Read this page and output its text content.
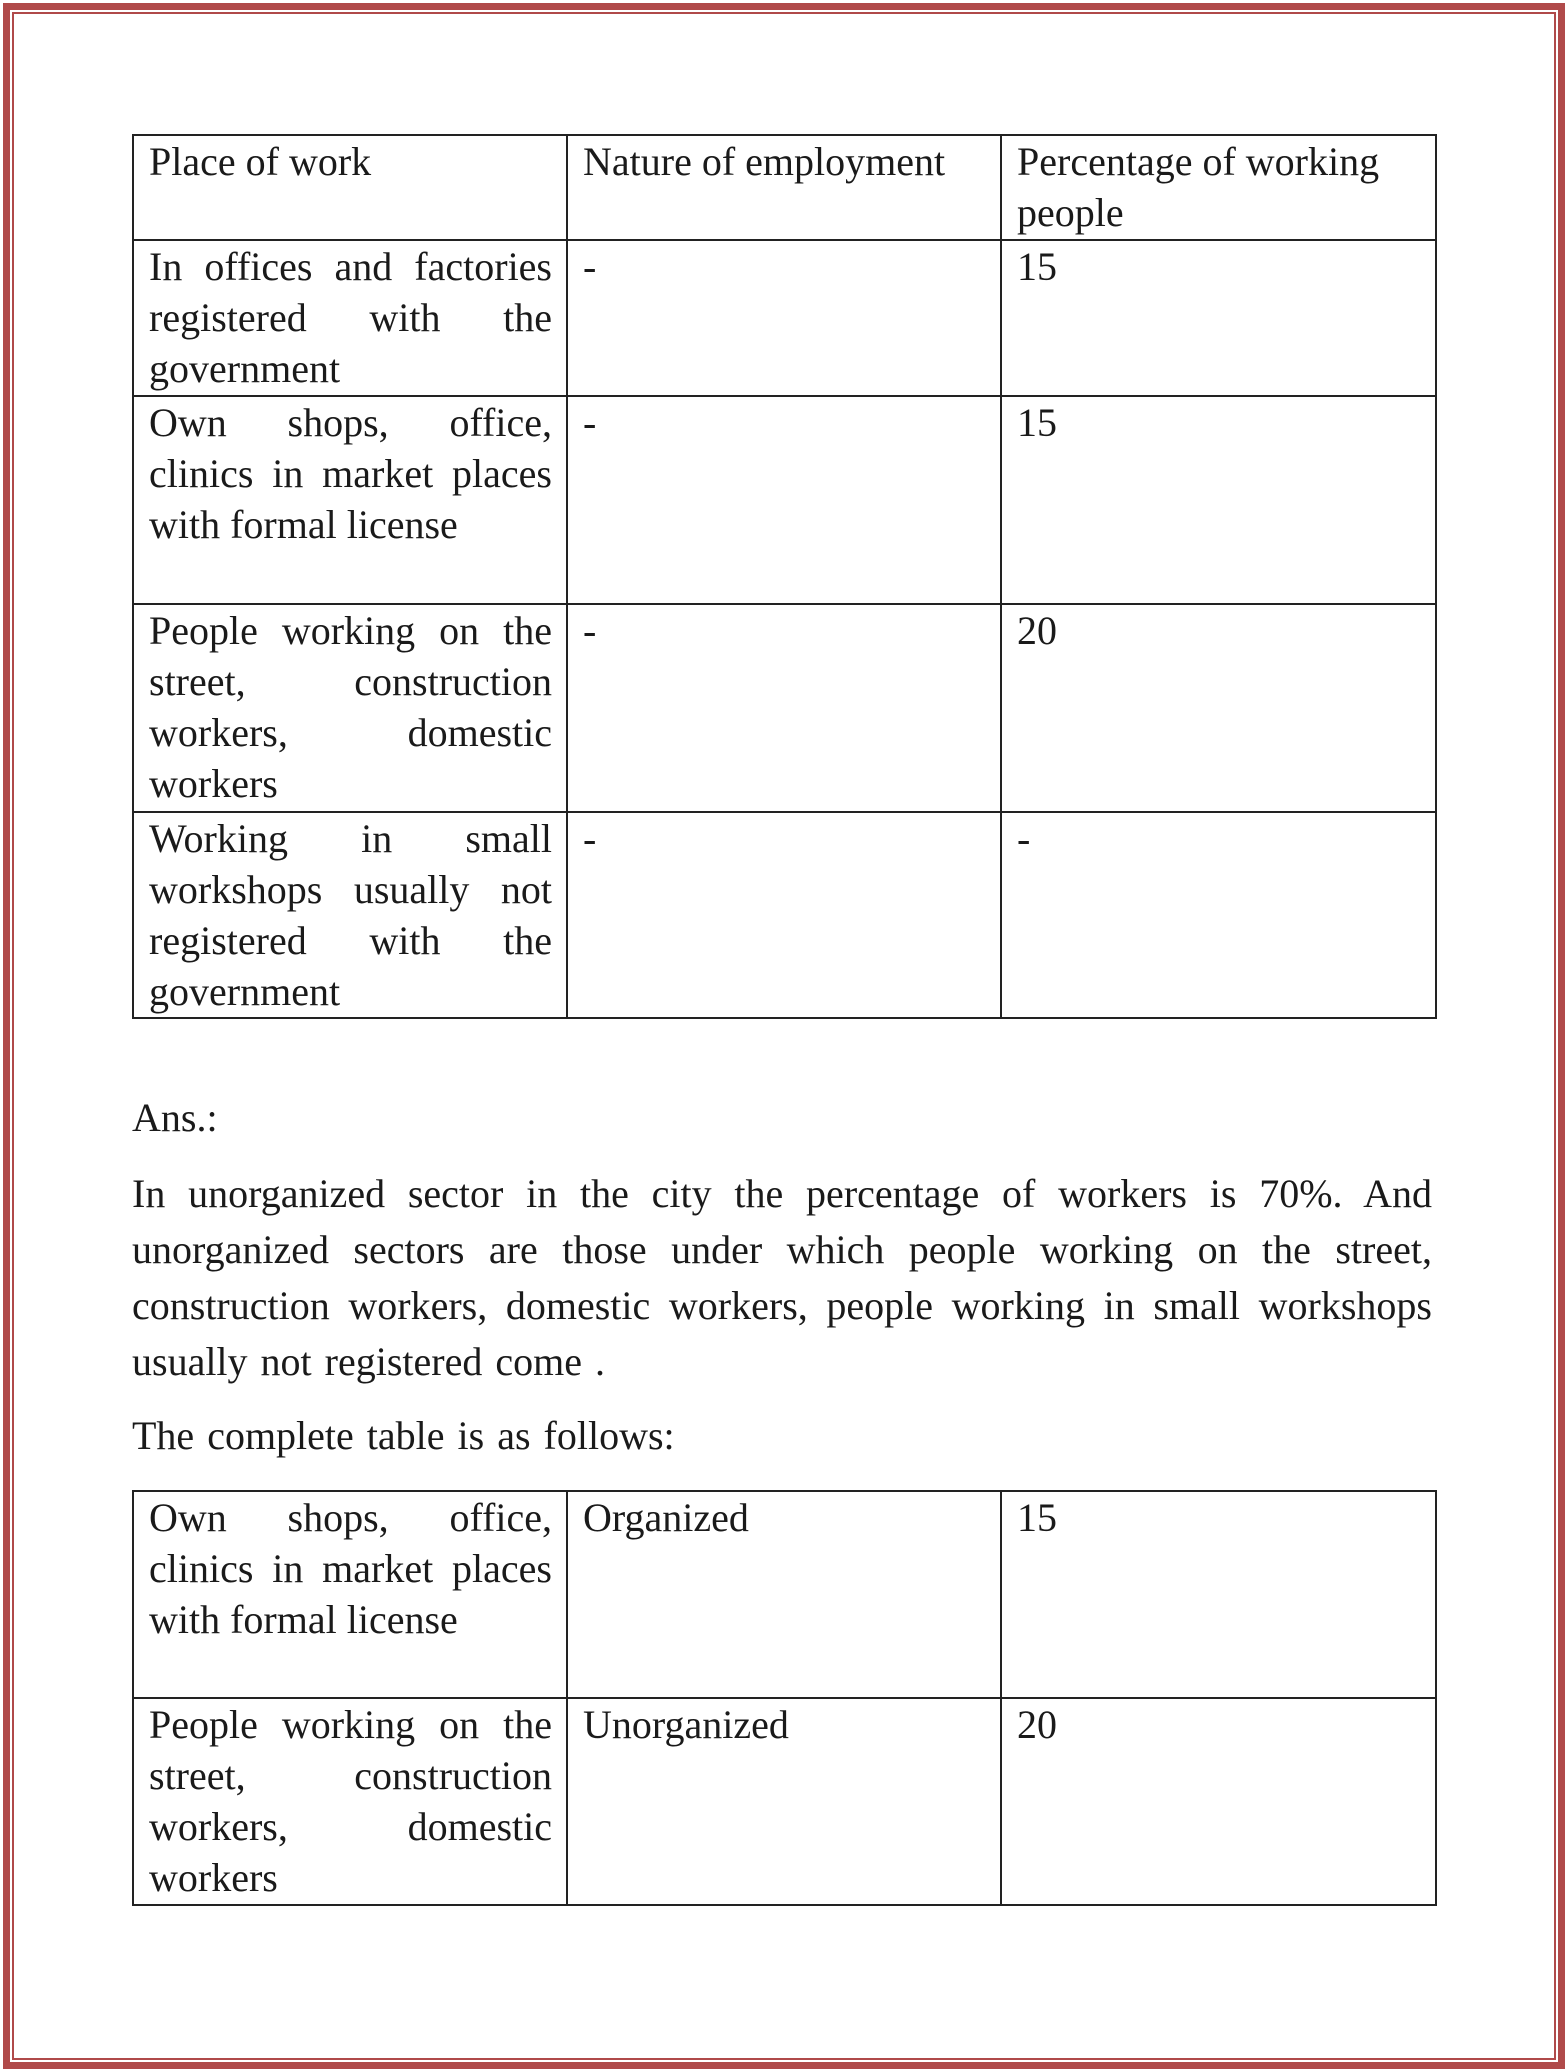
Place of work	Nature of employment	Percentage of working people
In offices and factories registered with the government	-	15
Own shops, office, clinics in market places with formal license	-	15
People working on the street, construction workers, domestic workers	-	20
Working in small workshops usually not registered with the government	-	-

Ans.:

In unorganized sector in the city the percentage of workers is 70%. And unorganized sectors are those under which people working on the street, construction workers, domestic workers, people working in small workshops usually not registered come .

The complete table is as follows:

Own shops, office, clinics in market places with formal license	Organized	15
People working on the street, construction workers, domestic workers	Unorganized	20
